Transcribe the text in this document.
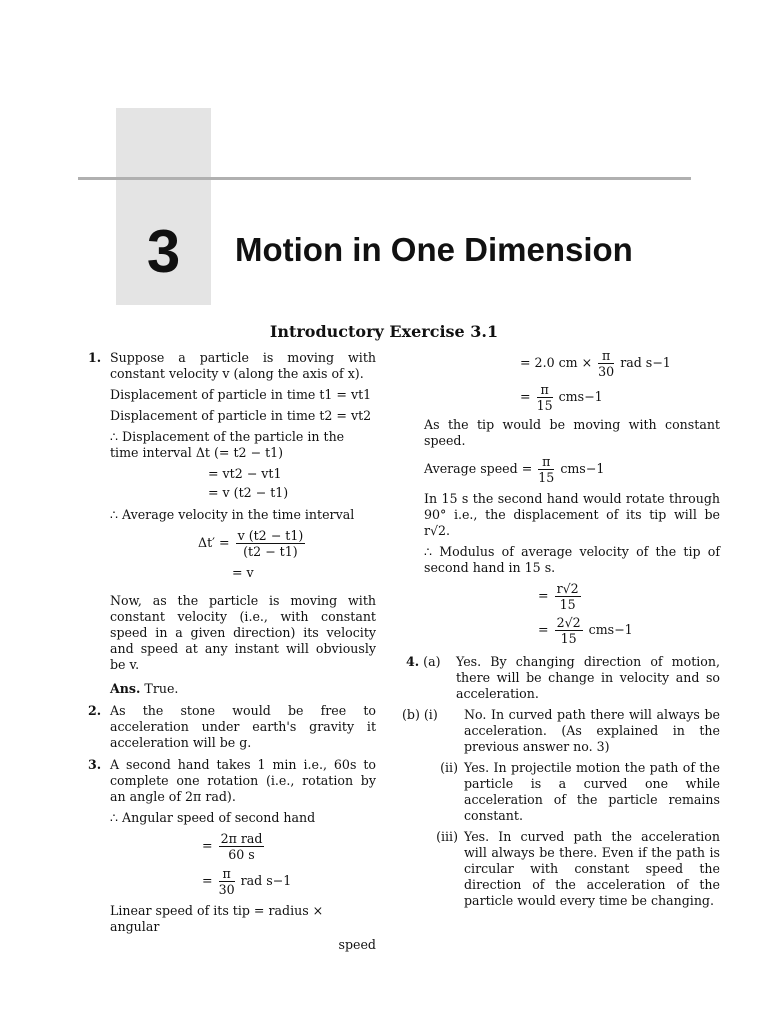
3	Motion in One Dimension
Introductory Exercise 3.1
1. Suppose a particle is moving with constant velocity v (along the axis of x).

Displacement of particle in time t1 = vt1

Displacement of particle in time t2 = vt2

∴ Displacement of the particle in the time interval Δt (= t2 − t1)

= vt2 − vt1
= v (t2 − t1)

∴ Average velocity in the time interval

$\Delta t' = \frac{v (t2 - t1)}{(t2 - t1)}$
= v

Now, as the particle is moving with constant velocity (i.e., with constant speed in a given direction) its velocity and speed at any instant will obviously be v.

Ans. True.

2. As the stone would be free to acceleration under earth's gravity it acceleration will be g.

3. A second hand takes 1 min i.e., 60s to complete one rotation (i.e., rotation by an angle of 2π rad).

∴ Angular speed of second hand

= $\frac{\text{2π rad}}{60 s}$
= $\frac{\pi}{30}$ rad s−1

Linear speed of its tip = radius × angular

speed

= 2.0 cm × $\frac{\pi}{30}$ rad s−1
= $\frac{\pi}{15} cms-1$

As the tip would be moving with constant speed.

Average speed = $\frac{\pi}{15} cms-1$

In 15 s the second hand would rotate through 90° i.e., the displacement of its tip will be r√2.

∴ Modulus of average velocity of the tip of second hand in 15 s.

= $\frac{r√2}{15}$
= $\frac{2√2}{15} cms-1$
4. (a)	Yes. By changing direction of motion, there will be change in velocity and so acceleration.
(b) (i)	No. In curved path there will always be acceleration. (As explained in the previous answer no. 3)
(ii) Yes. In projectile motion the path of the particle is a curved one while acceleration of the particle remains constant.
(iii) Yes. In curved path the acceleration will always be there. Even if the path is circular with constant speed the direction of the acceleration of the particle would every time be changing.
